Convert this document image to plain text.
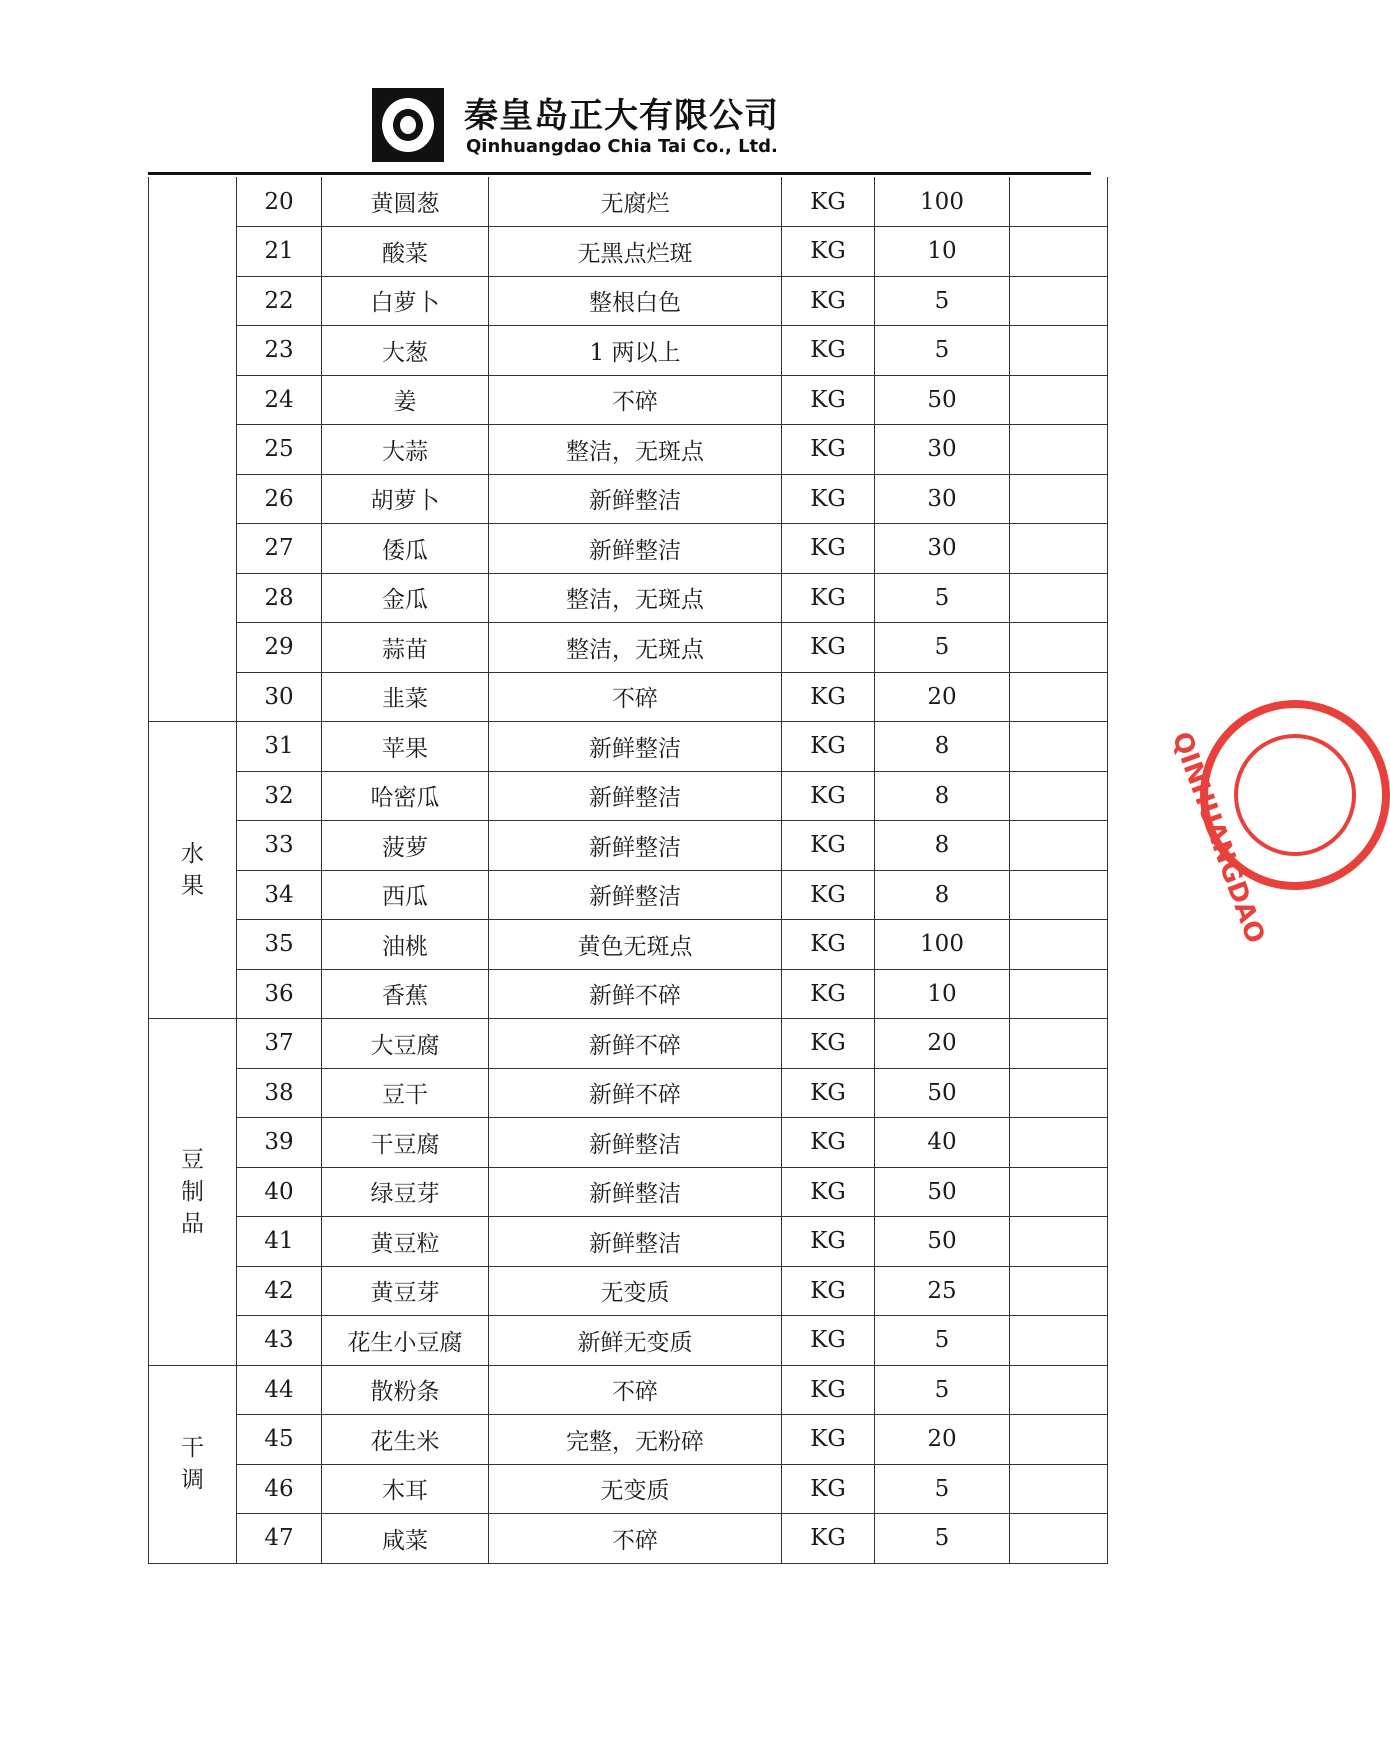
秦皇岛正大有限公司
Qinhuangdao Chia Tai Co., Ltd.
	20	黄圆葱	无腐烂	KG	100	
	21	酸菜	无黑点烂斑	KG	10	
	22	白萝卜	整根白色	KG	5	
	23	大葱	1 两以上	KG	5	
	24	姜	不碎	KG	50	
	25	大蒜	整洁，无斑点	KG	30	
	26	胡萝卜	新鲜整洁	KG	30	
	27	倭瓜	新鲜整洁	KG	30	
	28	金瓜	整洁，无斑点	KG	5	
	29	蒜苗	整洁，无斑点	KG	5	
	30	韭菜	不碎	KG	20	
水果	31	苹果	新鲜整洁	KG	8	
	32	哈密瓜	新鲜整洁	KG	8	
	33	菠萝	新鲜整洁	KG	8	
	34	西瓜	新鲜整洁	KG	8	
	35	油桃	黄色无斑点	KG	100	
	36	香蕉	新鲜不碎	KG	10	
豆制品	37	大豆腐	新鲜不碎	KG	20	
	38	豆干	新鲜不碎	KG	50	
	39	干豆腐	新鲜整洁	KG	40	
	40	绿豆芽	新鲜整洁	KG	50	
	41	黄豆粒	新鲜整洁	KG	50	
	42	黄豆芽	无变质	KG	25	
	43	花生小豆腐	新鲜无变质	KG	5	
干调	44	散粉条	不碎	KG	5	
	45	花生米	完整，无粉碎	KG	20	
	46	木耳	无变质	KG	5	
	47	咸菜	不碎	KG	5	
QINHUANGDAO
